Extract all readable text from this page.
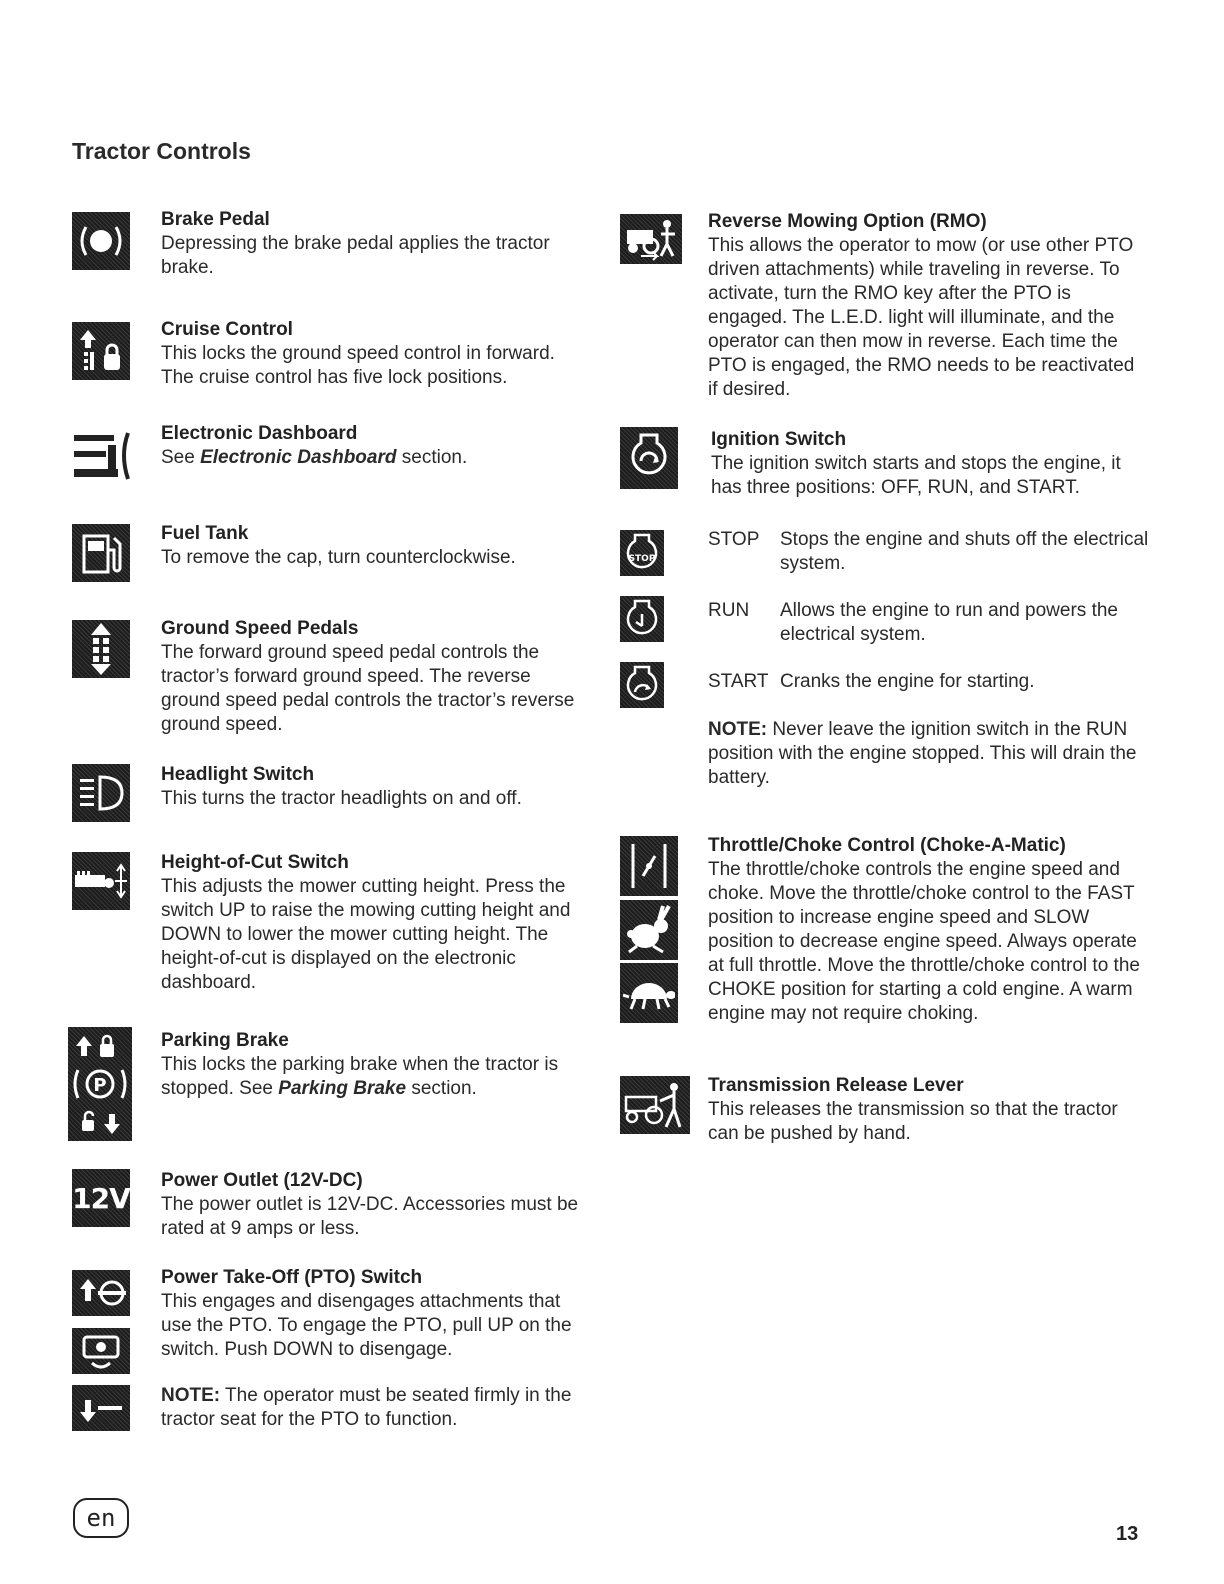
Tractor Controls
Brake Pedal

Depressing the brake pedal applies the tractor brake.

Cruise Control

This locks the ground speed control in forward. The cruise control has five lock positions.

Electronic Dashboard

See Electronic Dashboard section.

Fuel Tank

To remove the cap, turn counterclockwise.

Ground Speed Pedals

The forward ground speed pedal controls the tractor’s forward ground speed. The reverse ground speed pedal controls the tractor’s reverse ground speed.

Headlight Switch

This turns the tractor headlights on and off.

Height-of-Cut Switch

This adjusts the mower cutting height. Press the switch UP to raise the mowing cutting height and DOWN to lower the mower cutting height. The height-of-cut is displayed on the electronic dashboard.

P
Parking Brake

This locks the parking brake when the tractor is stopped. See Parking Brake section.

12V
Power Outlet (12V-DC)

The power outlet is 12V-DC. Accessories must be rated at 9 amps or less.

Power Take-Off (PTO) Switch

This engages and disengages attachments that use the PTO. To engage the PTO, pull UP on the switch. Push DOWN to disengage.

NOTE: The operator must be seated firmly in the tractor seat for the PTO to function.

Reverse Mowing Option (RMO)

This allows the operator to mow (or use other PTO driven attachments) while traveling in reverse. To activate, turn the RMO key after the PTO is engaged. The L.E.D. light will illuminate, and the operator can then mow in reverse. Each time the PTO is engaged, the RMO needs to be reactivated if desired.

Ignition Switch

The ignition switch starts and stops the engine, it has three positions: OFF, RUN, and START.

STOP
STOP Stops the engine and shuts off the electrical system.
RUN Allows the engine to run and powers the electrical system.
START Cranks the engine for starting.

NOTE: Never leave the ignition switch in the RUN position with the engine stopped. This will drain the battery.

Throttle/Choke Control (Choke-A-Matic)

The throttle/choke controls the engine speed and choke. Move the throttle/choke control to the FAST position to increase engine speed and SLOW position to decrease engine speed. Always operate at full throttle. Move the throttle/choke control to the CHOKE position for starting a cold engine. A warm engine may not require choking.

Transmission Release Lever

This releases the transmission so that the tractor can be pushed by hand.

en
13
